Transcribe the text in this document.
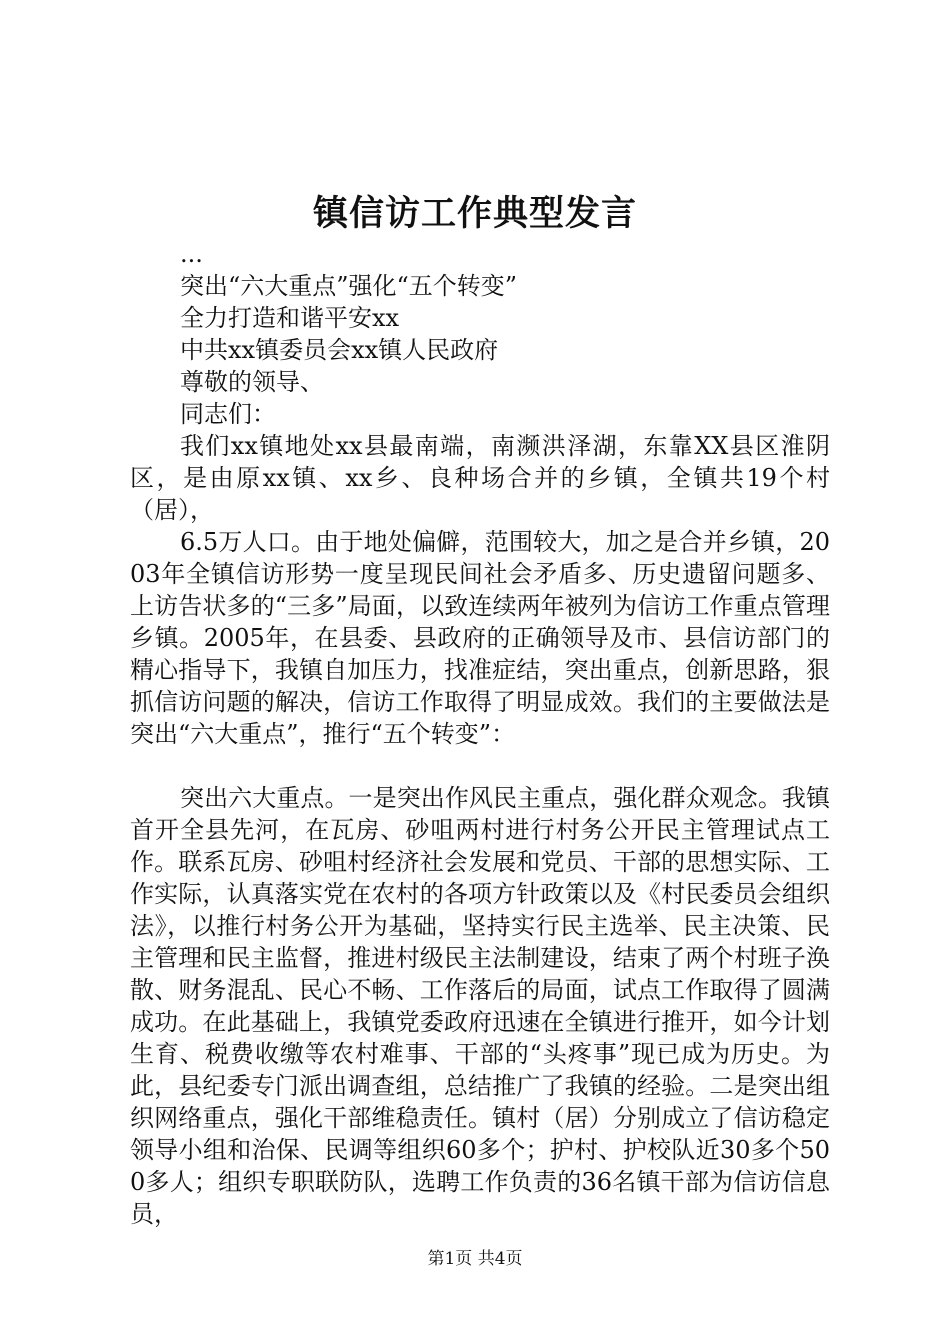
镇信访工作典型发言
...
突出“六大重点”强化“五个转变”
全力打造和谐平安xx
中共xx镇委员会xx镇人民政府
尊敬的领导、
同志们：

我们xx镇地处xx县最南端，南濒洪泽湖，东靠XX县区淮阴区，是由原xx镇、xx乡、良种场合并的乡镇，全镇共19个村（居），

6.5万人口。由于地处偏僻，范围较大，加之是合并乡镇，2003年全镇信访形势一度呈现民间社会矛盾多、历史遗留问题多、上访告状多的“三多”局面，以致连续两年被列为信访工作重点管理乡镇。2005年，在县委、县政府的正确领导及市、县信访部门的精心指导下，我镇自加压力，找准症结，突出重点，创新思路，狠抓信访问题的解决，信访工作取得了明显成效。我们的主要做法是突出“六大重点”，推行“五个转变”：

突出六大重点。一是突出作风民主重点，强化群众观念。我镇首开全县先河，在瓦房、砂咀两村进行村务公开民主管理试点工作。联系瓦房、砂咀村经济社会发展和党员、干部的思想实际、工作实际，认真落实党在农村的各项方针政策以及《村民委员会组织法》，以推行村务公开为基础，坚持实行民主选举、民主决策、民主管理和民主监督，推进村级民主法制建设，结束了两个村班子涣散、财务混乱、民心不畅、工作落后的局面，试点工作取得了圆满成功。在此基础上，我镇党委政府迅速在全镇进行推开，如今计划生育、税费收缴等农村难事、干部的“头疼事”现已成为历史。为此，县纪委专门派出调查组，总结推广了我镇的经验。二是突出组织网络重点，强化干部维稳责任。镇村（居）分别成立了信访稳定领导小组和治保、民调等组织60多个；护村、护校队近30多个500多人；组织专职联防队，选聘工作负责的36名镇干部为信访信息员，

第1页 共4页
